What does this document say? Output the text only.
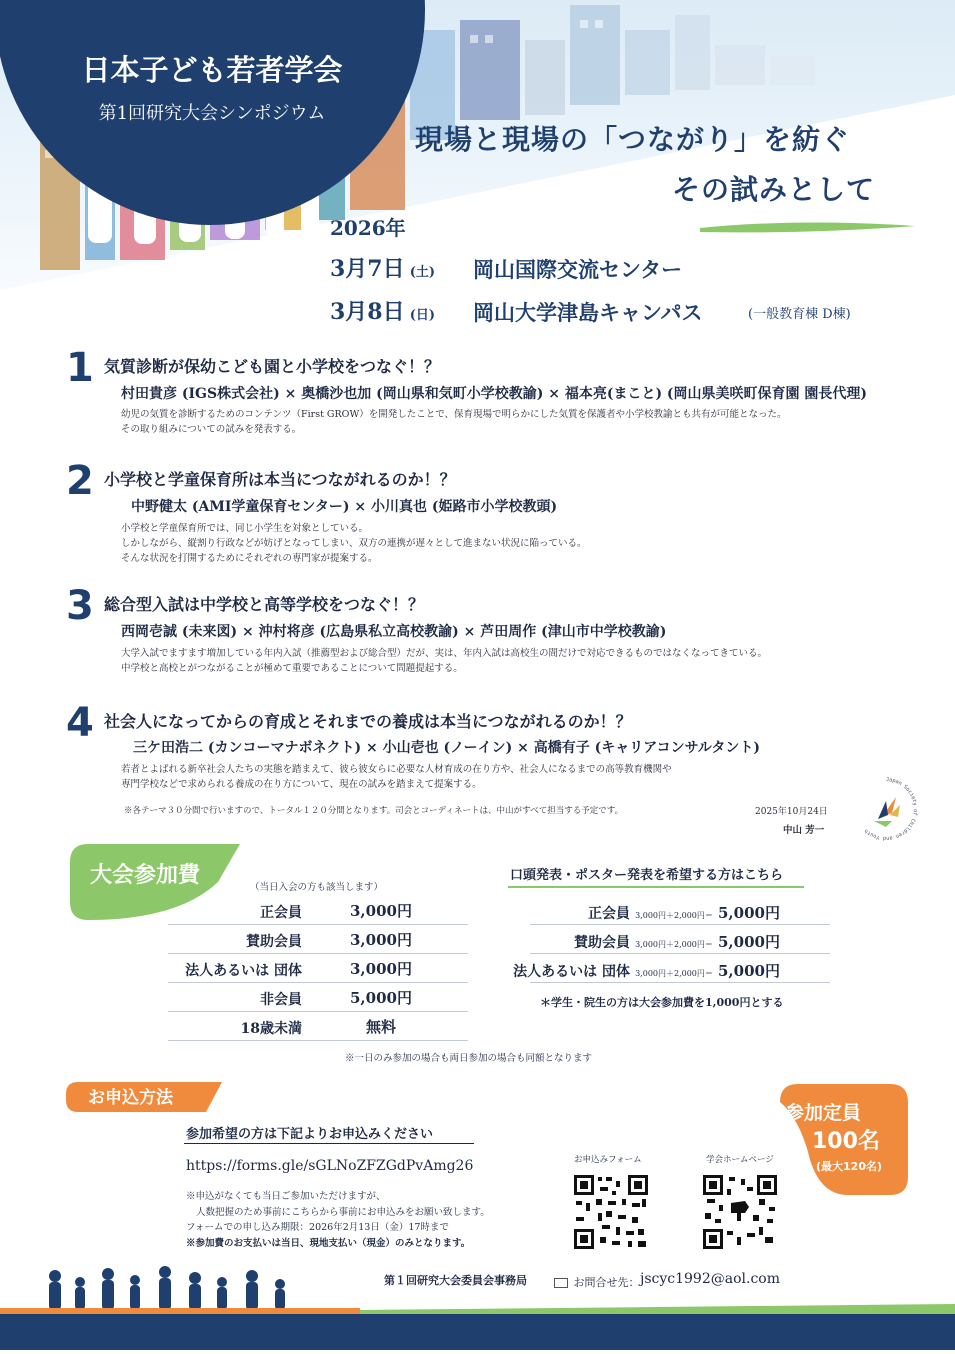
日本子ども若者学会
第1回研究大会シンポジウム
現場と現場の「つながり」を紡ぐ
その試みとして
2026年
3月7日 (土) 岡山国際交流センター
3月8日 (日) 岡山大学津島キャンパス	(一般教育棟 D棟)
1 気質診断が保幼こども園と小学校をつなぐ！？
村田貴彦 (IGS株式会社) × 奥橋沙也加 (岡山県和気町小学校教諭) × 福本亮(まこと) (岡山県美咲町保育園 園長代理)
幼児の気質を診断するためのコンテンツ（First GROW）を開発したことで、保育現場で明らかにした気質を保護者や小学校教諭とも共有が可能となった。
その取り組みについての試みを発表する。
2 小学校と学童保育所は本当につながれるのか！？
中野健太 (AMI学童保育センター) × 小川真也 (姫路市小学校教頭)
小学校と学童保育所では、同じ小学生を対象としている。
しかしながら、縦割り行政などが妨げとなってしまい、双方の連携が遅々として進まない状況に陥っている。
そんな状況を打開するためにそれぞれの専門家が提案する。
3 総合型入試は中学校と高等学校をつなぐ！？
西岡壱誠 (未来図) × 沖村将彦 (広島県私立高校教諭) × 芦田周作 (津山市中学校教諭)
大学入試でますます増加している年内入試（推薦型および総合型）だが、実は、年内入試は高校生の間だけで対応できるものではなくなってきている。
中学校と高校とがつながることが極めて重要であることについて問題提起する。
4 社会人になってからの育成とそれまでの養成は本当につながれるのか！？
三ケ田浩二 (カンコーマナボネクト) × 小山壱也 (ノーイン) × 高橋有子 (キャリアコンサルタント)
若者とよばれる新卒社会人たちの実態を踏まえて、彼ら彼女らに必要な人材育成の在り方や、社会人になるまでの高等教育機関や
専門学校などで求められる養成の在り方について、現在の試みを踏まえて提案する。
※各テーマ３０分間で行いますので、トータル１２０分間となります。司会とコーディネートは、中山がすべて担当する予定です。	2025年10月24日
中山 芳一
Japan Society of Children and Youth
大会参加費	（当日入会の方も該当します）
正会員	3,000円
賛助会員	3,000円
法人あるいは 団体	3,000円
非会員	5,000円
18歳未満	無料
口頭発表・ポスター発表を希望する方はこちら
正会員 3,000円＋2,000円＝ 5,000円
賛助会員 3,000円＋2,000円＝ 5,000円
法人あるいは 団体 3,000円＋2,000円＝ 5,000円
＊学生・院生の方は大会参加費を1,000円とする
※一日のみ参加の場合も両日参加の場合も同額となります
お申込方法
参加希望の方は下記よりお申込みください
https://forms.gle/sGLNoZFZGdPvAmg26
※申込がなくても当日ご参加いただけますが、
人数把握のため事前にこちらから事前にお申込みをお願い致します。
フォームでの申し込み期限：2026年2月13日（金）17時まで
※参加費のお支払いは当日、現地支払い（現金）のみとなります。
お申込みフォーム	学会ホームページ
参加定員
100名
(最大120名)
第１回研究大会委員会事務局	お問合せ先： jscyc1992@aol.com
